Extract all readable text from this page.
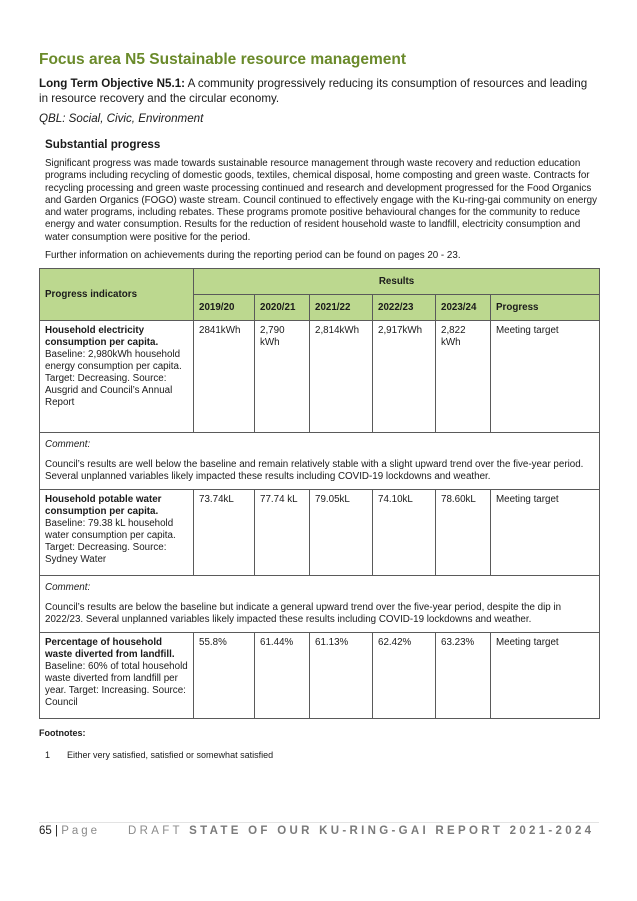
Focus area N5 Sustainable resource management

Long Term Objective N5.1: A community progressively reducing its consumption of resources and leading in resource recovery and the circular economy.

QBL: Social, Civic, Environment

Substantial progress

Significant progress was made towards sustainable resource management through waste recovery and reduction education programs including recycling of domestic goods, textiles, chemical disposal, home composting and green waste. Contracts for recycling processing and green waste processing continued and research and development progressed for the Food Organics and Garden Organics (FOGO) waste stream. Council continued to effectively engage with the Ku-ring-gai community on energy and water programs, including rebates. These programs promote positive behavioural changes for the community to reduce energy and water consumption. Results for the reduction of resident household waste to landfill, electricity consumption and water consumption were positive for the period.

Further information on achievements during the reporting period can be found on pages 20 - 23.

Progress indicators	Results					
	2019/20	2020/21	2021/22	2022/23	2023/24	Progress
Household electricity consumption per capita. Baseline: 2,980kWh household energy consumption per capita. Target: Decreasing. Source: Ausgrid and Council’s Annual Report	2841kWh	2,790 kWh	2,814kWh	2,917kWh	2,822 kWh	Meeting target

Comment:
Council’s results are well below the baseline and remain relatively stable with a slight upward trend over the five-year period. Several unplanned variables likely impacted these results including COVID-19 lockdowns and weather.						

Household potable water consumption per capita. Baseline: 79.38 kL household water consumption per capita. Target: Decreasing. Source: Sydney Water	73.74kL	77.74 kL	79.05kL	74.10kL	78.60kL	Meeting target

Comment:
Council’s results are below the baseline but indicate a general upward trend over the five-year period, despite the dip in 2022/23. Several unplanned variables likely impacted these results including COVID-19 lockdowns and weather.						

Percentage of household waste diverted from landfill. Baseline: 60% of total household waste diverted from landfill per year. Target: Increasing. Source: Council	55.8%	61.44%	61.13%	62.42%	63.23%	Meeting target
Footnotes:
1 Either very satisfied, satisfied or somewhat satisfied
65 | Page DRAFT STATE OF OUR KU-RING-GAI REPORT 2021-2024
